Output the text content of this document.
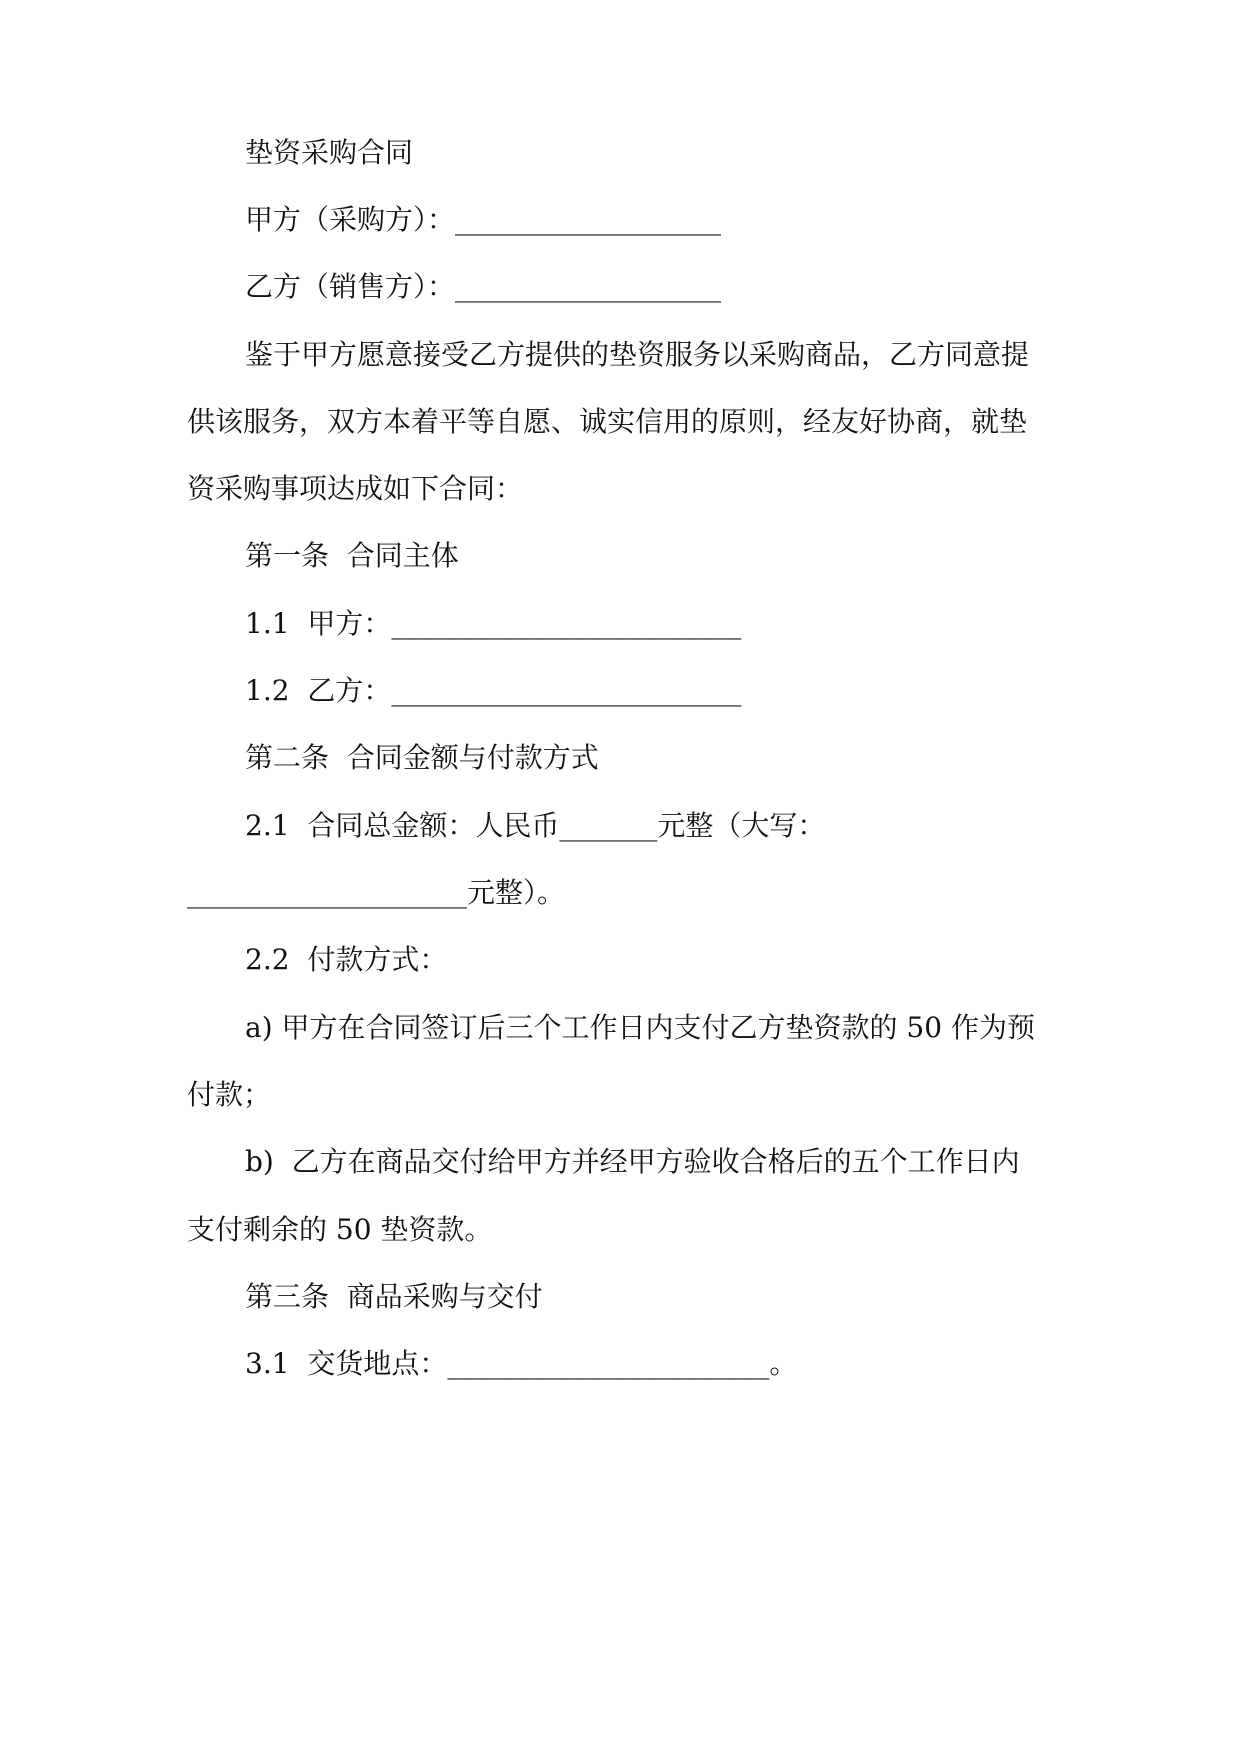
垫资采购合同
甲方（采购方）：___________________
乙方（销售方）：___________________
鉴于甲方愿意接受乙方提供的垫资服务以采购商品，乙方同意提
供该服务，双方本着平等自愿、诚实信用的原则，经友好协商，就垫
资采购事项达成如下合同：
第一条  合同主体
1.1  甲方：_________________________
1.2  乙方：_________________________
第二条  合同金额与付款方式
2.1  合同总金额：人民币_______元整（大写：
____________________元整）。
2.2  付款方式：
a) 甲方在合同签订后三个工作日内支付乙方垫资款的 50 作为预
付款；
b)  乙方在商品交付给甲方并经甲方验收合格后的五个工作日内
支付剩余的 50 垫资款。
第三条  商品采购与交付
3.1  交货地点：_______________________。
